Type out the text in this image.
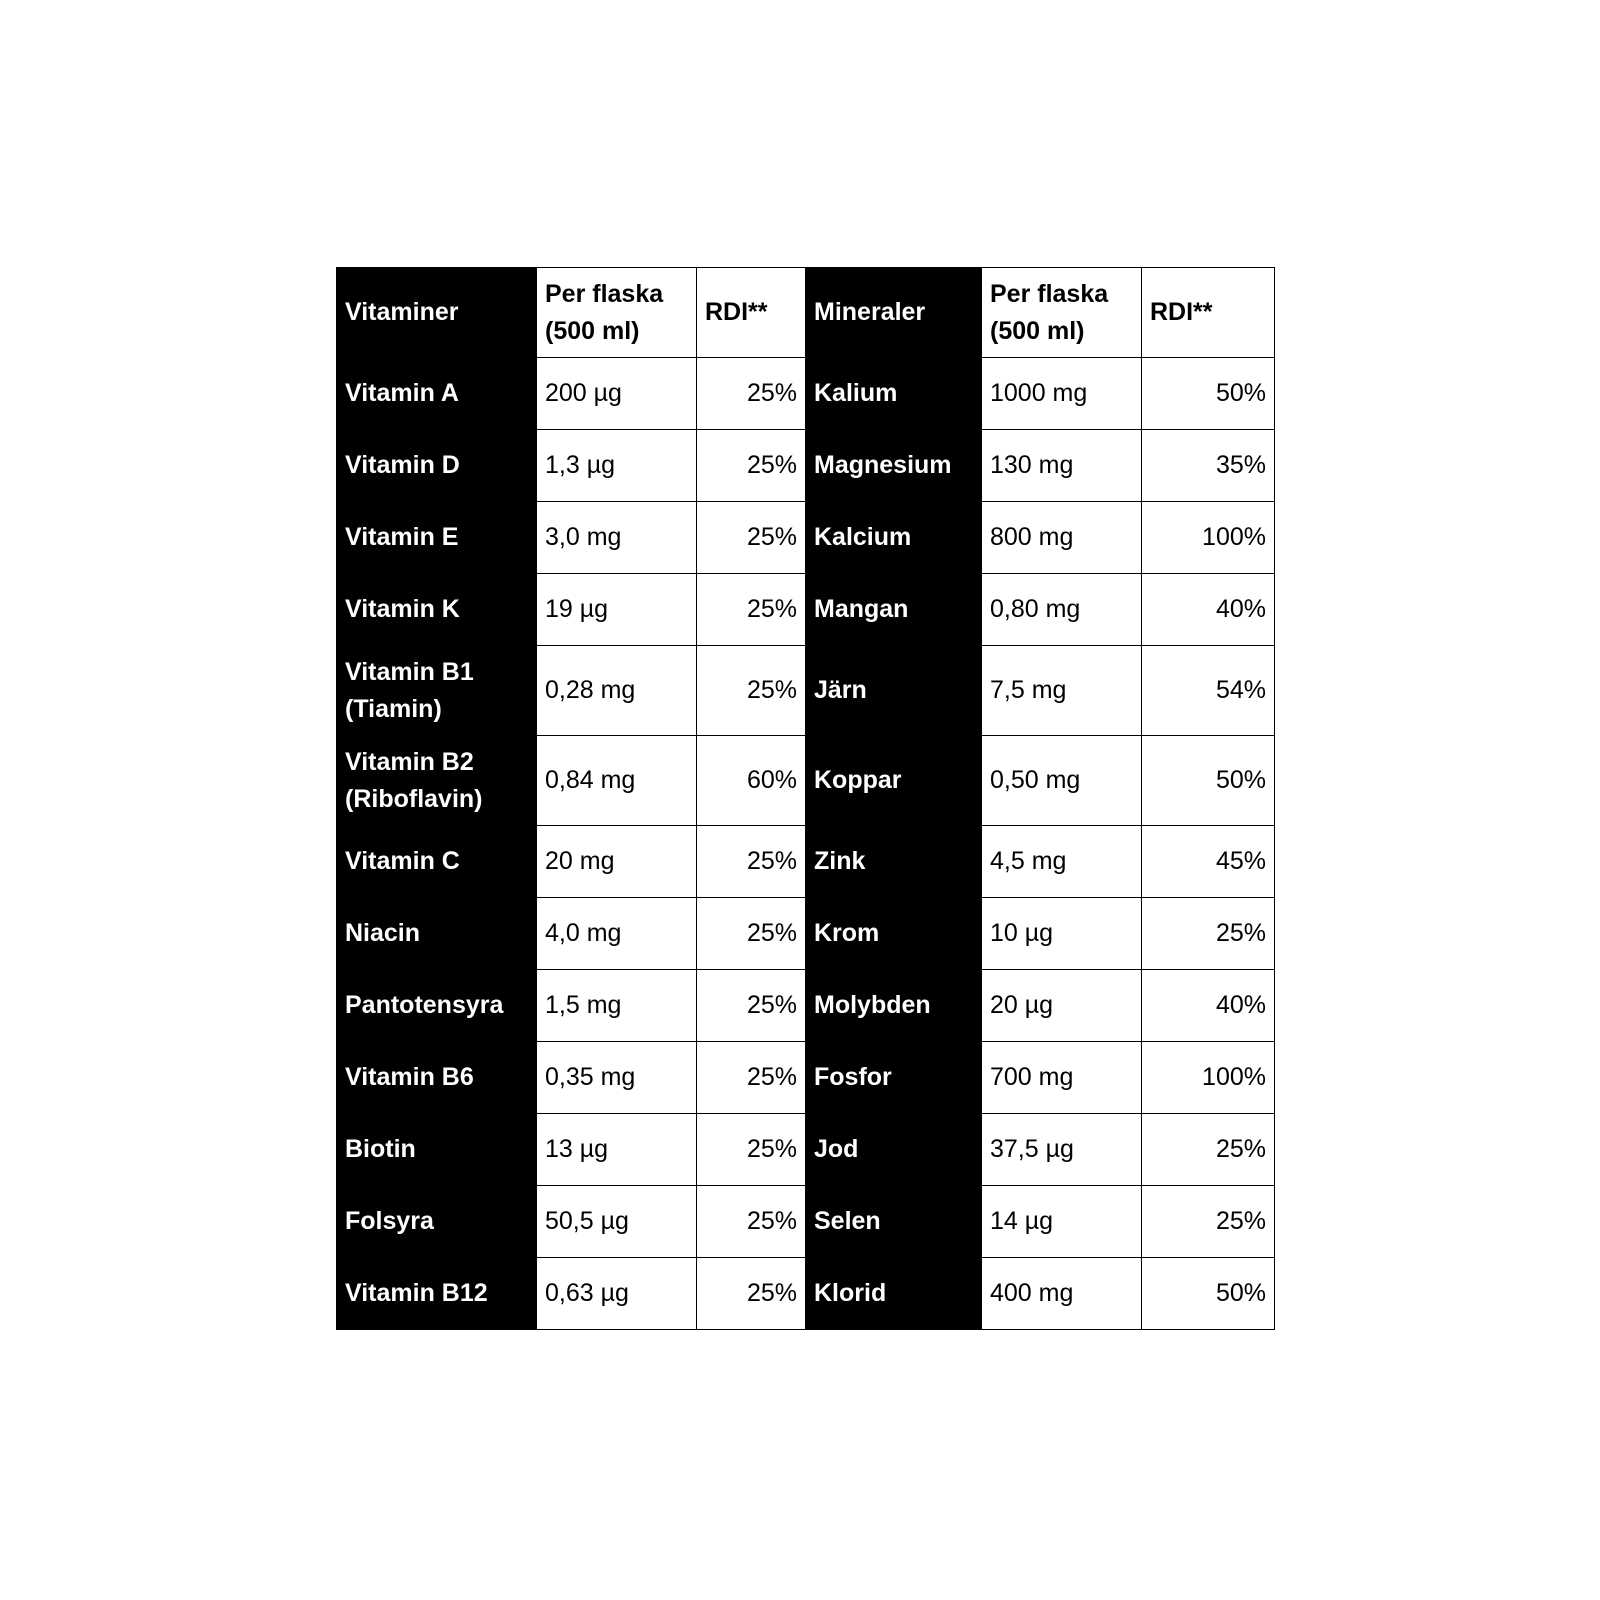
Vitaminer	Per flaska
(500 ml)	RDI**	Mineraler	Per flaska
(500 ml)	RDI**
Vitamin A	200 µg	25%	Kalium	1000 mg	50%
Vitamin D	1,3 µg	25%	Magnesium	130 mg	35%
Vitamin E	3,0 mg	25%	Kalcium	800 mg	100%
Vitamin K	19 µg	25%	Mangan	0,80 mg	40%
Vitamin B1
(Tiamin)	0,28 mg	25%	Järn	7,5 mg	54%
Vitamin B2
(Riboflavin)	0,84 mg	60%	Koppar	0,50 mg	50%
Vitamin C	20 mg	25%	Zink	4,5 mg	45%
Niacin	4,0 mg	25%	Krom	10 µg	25%
Pantotensyra	1,5 mg	25%	Molybden	20 µg	40%
Vitamin B6	0,35 mg	25%	Fosfor	700 mg	100%
Biotin	13 µg	25%	Jod	37,5 µg	25%
Folsyra	50,5 µg	25%	Selen	14 µg	25%
Vitamin B12	0,63 µg	25%	Klorid	400 mg	50%
